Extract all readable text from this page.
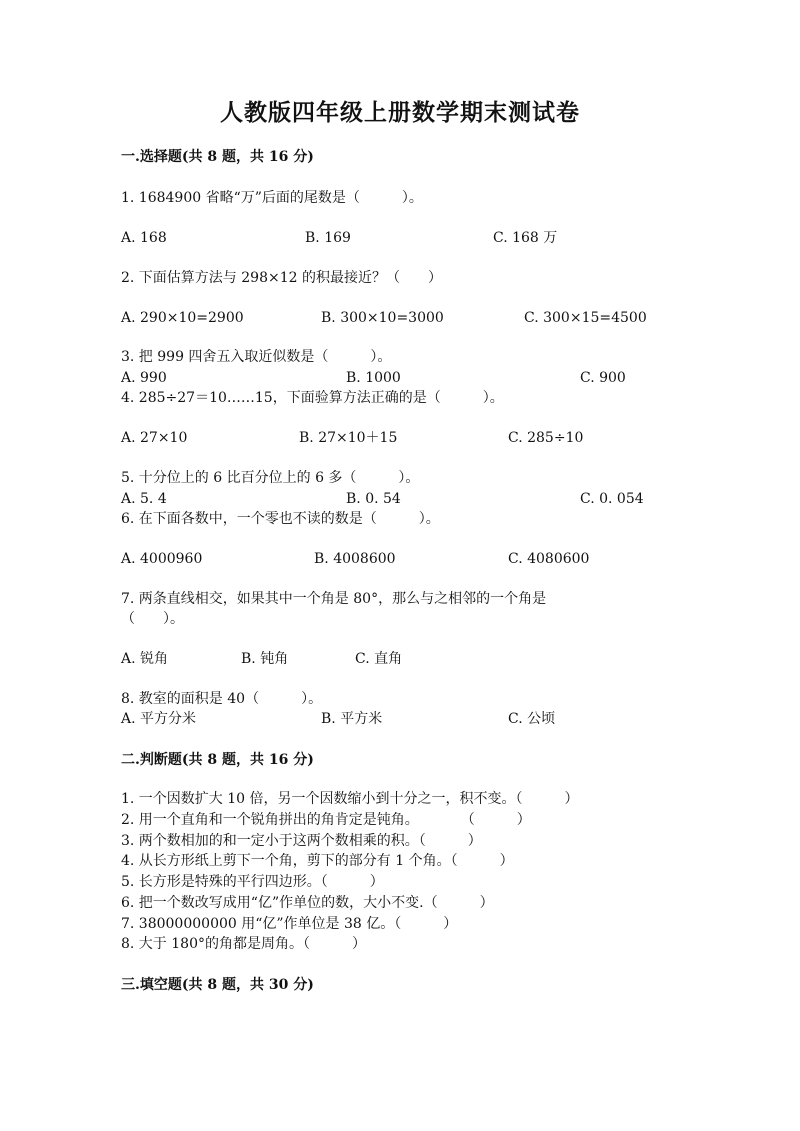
人教版四年级上册数学期末测试卷
一.选择题(共 8 题，共 16 分)
1. 1684900 省略“万”后面的尾数是（　　　）。
A. 168	B. 169	C. 168 万
2. 下面估算方法与 298×12 的积最接近？（　　）
A. 290×10=2900	B. 300×10=3000	C. 300×15=4500
3. 把 999 四舍五入取近似数是（　　　）。
A. 990	B. 1000	C. 900
4. 285÷27＝10……15，下面验算方法正确的是（　　　）。
A. 27×10	B. 27×10＋15	C. 285÷10
5. 十分位上的 6 比百分位上的 6 多（　　　）。
A. 5. 4	B. 0. 54	C. 0. 054
6. 在下面各数中，一个零也不读的数是（　　　）。
A. 4000960	B. 4008600	C. 4080600
7. 两条直线相交，如果其中一个角是 80°，那么与之相邻的一个角是
（　　）。
A. 锐角	B. 钝角	C. 直角
8. 教室的面积是 40（　　　）。
A. 平方分米	B. 平方米	C. 公顷
二.判断题(共 8 题，共 16 分)
1. 一个因数扩大 10 倍，另一个因数缩小到十分之一，积不变。（　　　）
2. 用一个直角和一个锐角拼出的角肯定是钝角。　　　　（　　　）
3. 两个数相加的和一定小于这两个数相乘的积。（　　　）
4. 从长方形纸上剪下一个角，剪下的部分有 1 个角。（　　　）
5. 长方形是特殊的平行四边形。（　　　）
6. 把一个数改写成用“亿”作单位的数，大小不变.（　　　）
7. 38000000000 用“亿”作单位是 38 亿。（　　　）
8. 大于 180°的角都是周角。（　　　）
三.填空题(共 8 题，共 30 分)
